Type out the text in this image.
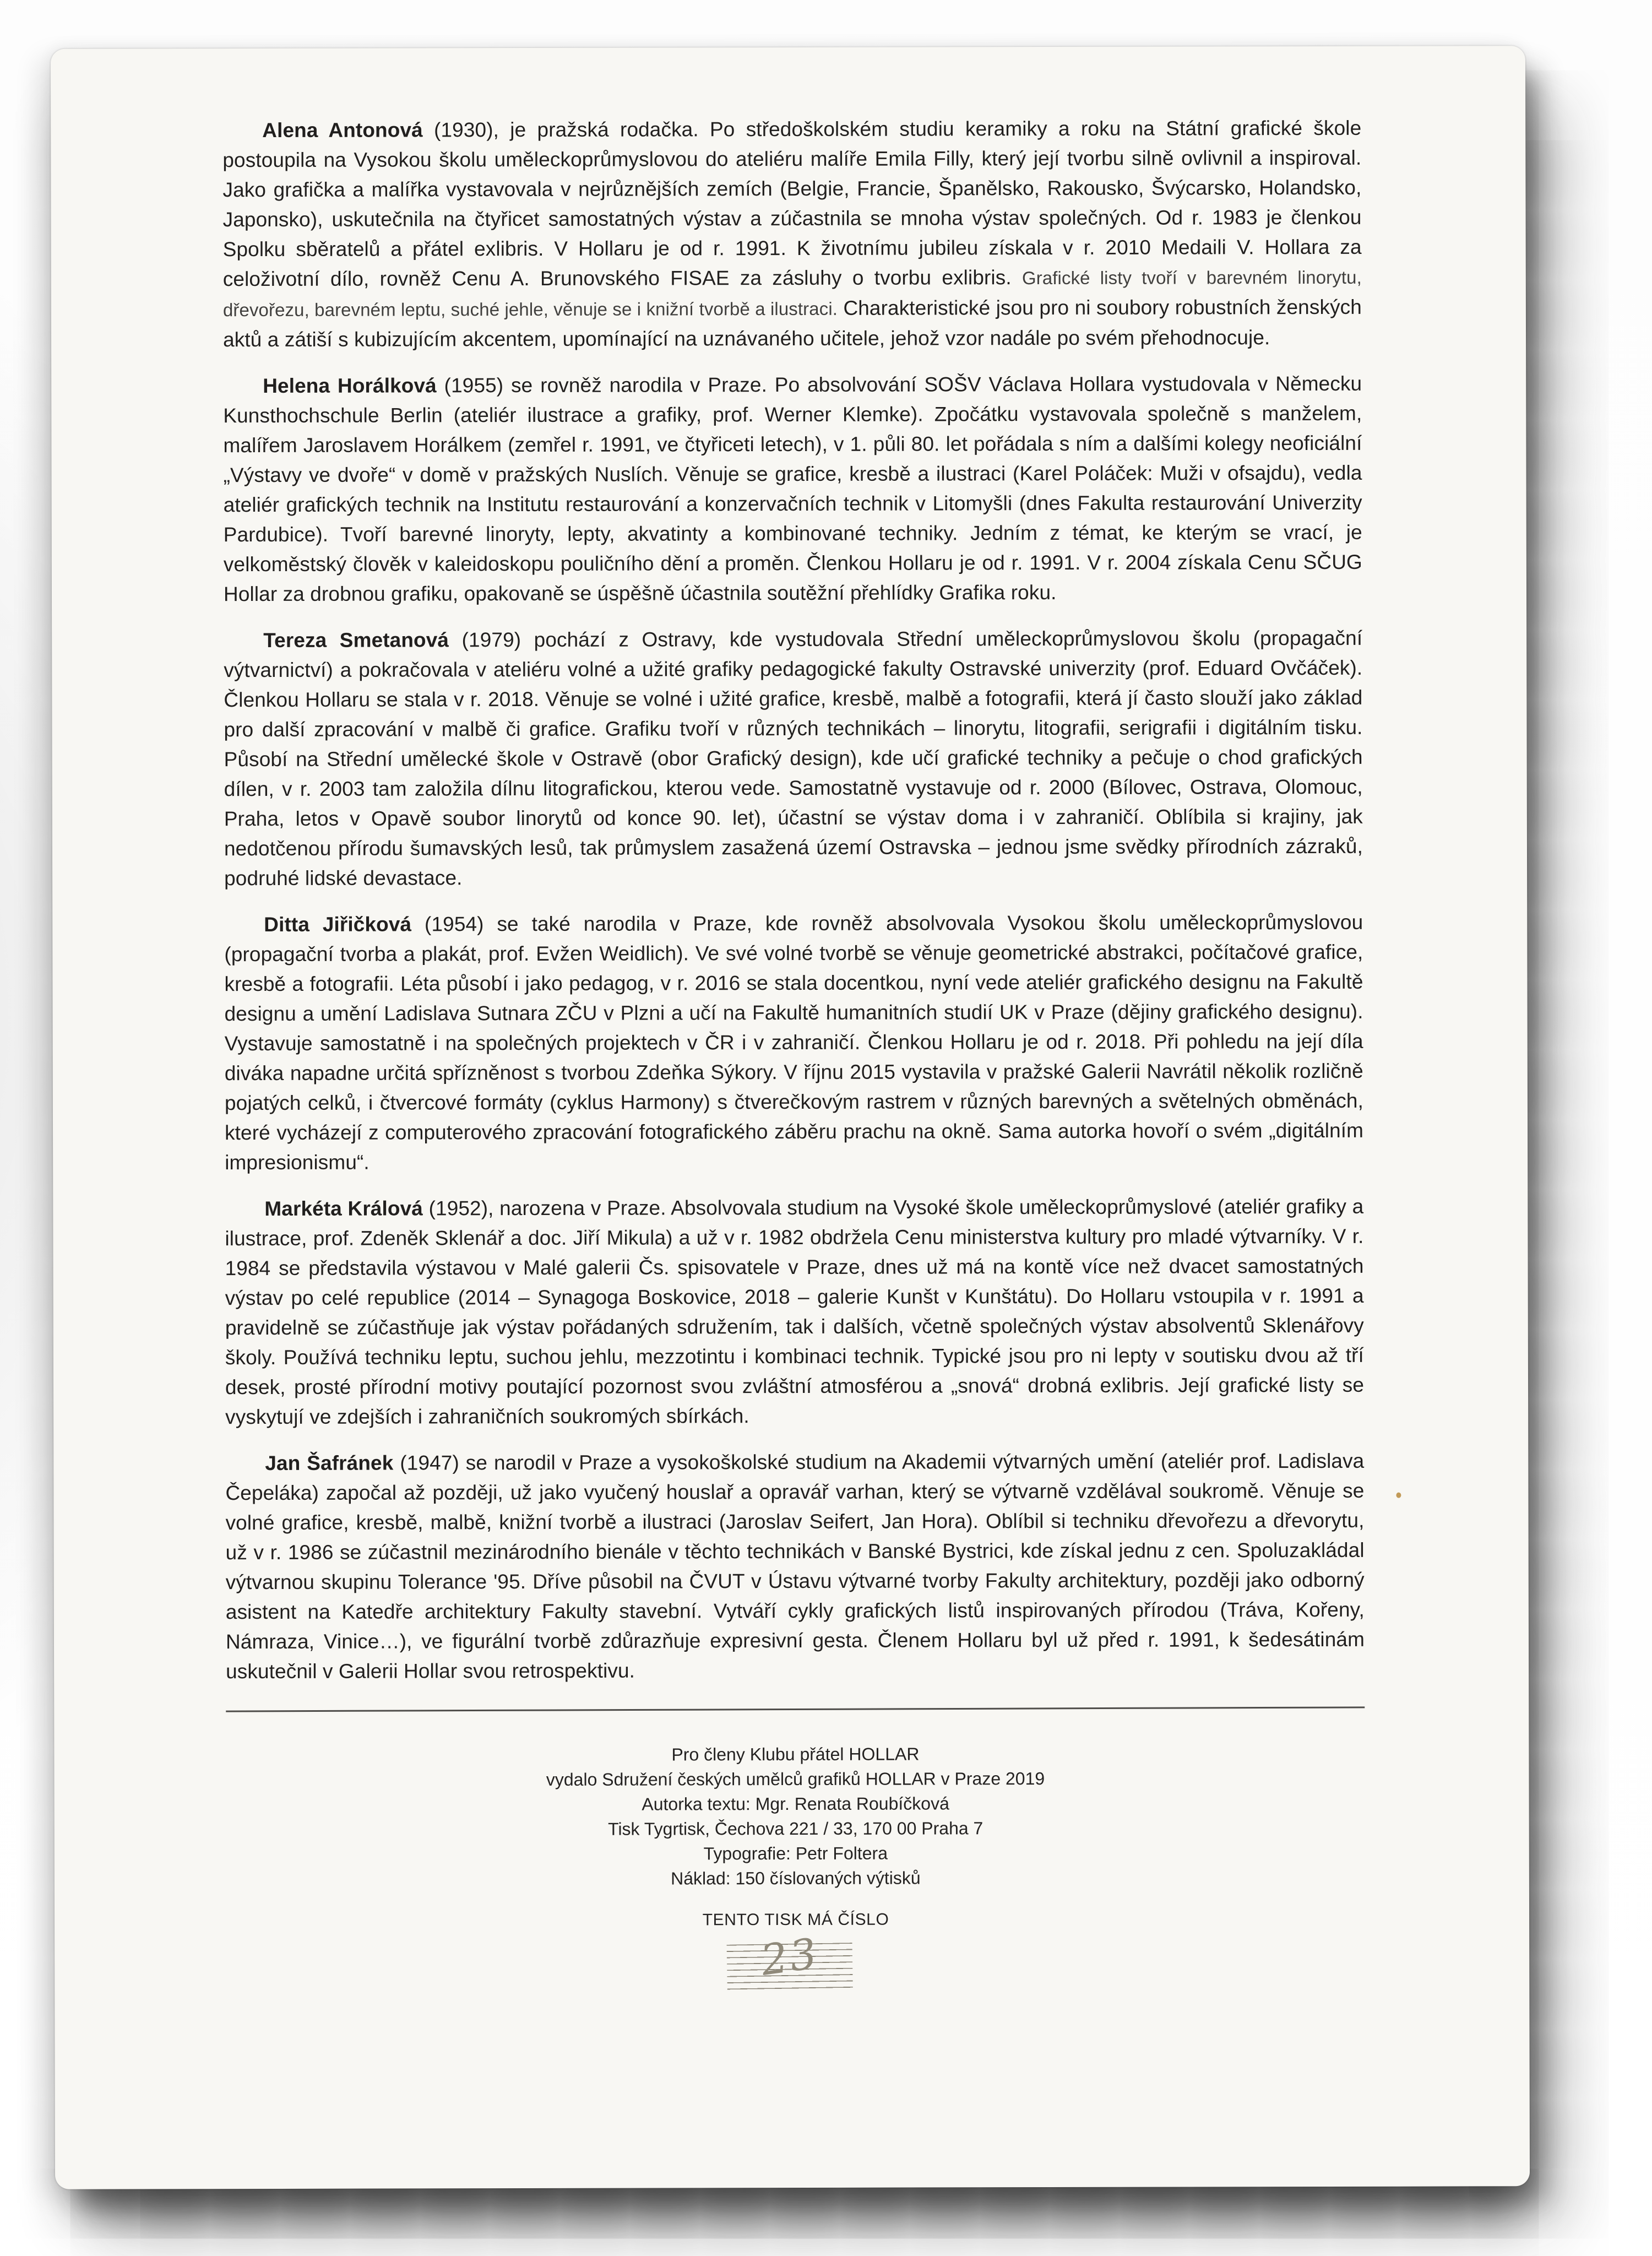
Alena Antonová (1930), je pražská rodačka. Po středoškolském studiu keramiky a roku na Státní grafické škole postoupila na Vysokou školu uměleckoprůmyslovou do ateliéru malíře Emila Filly, který její tvorbu silně ovlivnil a inspiroval. Jako grafička a malířka vystavovala v nejrůznějších zemích (Belgie, Francie, Španělsko, Rakousko, Švýcarsko, Holandsko, Japonsko), uskutečnila na čtyřicet samostatných výstav a zúčastnila se mnoha výstav společných. Od r. 1983 je členkou Spolku sběratelů a přátel exlibris. V Hollaru je od r. 1991. K životnímu jubileu získala v r. 2010 Medaili V. Hollara za celoživotní dílo, rovněž Cenu A. Brunovského FISAE za zásluhy o tvorbu exlibris. Grafické listy tvoří v barevném linorytu, dřevořezu, barevném leptu, suché jehle, věnuje se i knižní tvorbě a ilustraci. Charakteristické jsou pro ni soubory robustních ženských aktů a zátiší s kubizujícím akcentem, upomínající na uznávaného učitele, jehož vzor nadále po svém přehodnocuje.

Helena Horálková (1955) se rovněž narodila v Praze. Po absolvování SOŠV Václava Hollara vystudovala v Německu Kunsthochschule Berlin (ateliér ilustrace a grafiky, prof. Werner Klemke). Zpočátku vystavovala společně s manželem, malířem Jaroslavem Horálkem (zemřel r. 1991, ve čtyřiceti letech), v 1. půli 80. let pořádala s ním a dalšími kolegy neoficiální „Výstavy ve dvoře“ v domě v pražských Nuslích. Věnuje se grafice, kresbě a ilustraci (Karel Poláček: Muži v ofsajdu), vedla ateliér grafických technik na Institutu restaurování a konzervačních technik v Litomyšli (dnes Fakulta restaurování Univerzity Pardubice). Tvoří barevné linoryty, lepty, akvatinty a kombinované techniky. Jedním z témat, ke kterým se vrací, je velkoměstský člověk v kaleidoskopu pouličního dění a proměn. Členkou Hollaru je od r. 1991. V r. 2004 získala Cenu SČUG Hollar za drobnou grafiku, opakovaně se úspěšně účastnila soutěžní přehlídky Grafika roku.

Tereza Smetanová (1979) pochází z Ostravy, kde vystudovala Střední uměleckoprůmyslovou školu (propagační výtvarnictví) a pokračovala v ateliéru volné a užité grafiky pedagogické fakulty Ostravské univerzity (prof. Eduard Ovčáček). Členkou Hollaru se stala v r. 2018. Věnuje se volné i užité grafice, kresbě, malbě a fotografii, která jí často slouží jako základ pro další zpracování v malbě či grafice. Grafiku tvoří v různých technikách – linorytu, litografii, serigrafii i digitálním tisku. Působí na Střední umělecké škole v Ostravě (obor Grafický design), kde učí grafické techniky a pečuje o chod grafických dílen, v r. 2003 tam založila dílnu litografickou, kterou vede. Samostatně vystavuje od r. 2000 (Bílovec, Ostrava, Olomouc, Praha, letos v Opavě soubor linorytů od konce 90. let), účastní se výstav doma i v zahraničí. Oblíbila si krajiny, jak nedotčenou přírodu šumavských lesů, tak průmyslem zasažená území Ostravska – jednou jsme svědky přírodních zázraků, podruhé lidské devastace.

Ditta Jiřičková (1954) se také narodila v Praze, kde rovněž absolvovala Vysokou školu uměleckoprůmyslovou (propagační tvorba a plakát, prof. Evžen Weidlich). Ve své volné tvorbě se věnuje geometrické abstrakci, počítačové grafice, kresbě a fotografii. Léta působí i jako pedagog, v r. 2016 se stala docentkou, nyní vede ateliér grafického designu na Fakultě designu a umění Ladislava Sutnara ZČU v Plzni a učí na Fakultě humanitních studií UK v Praze (dějiny grafického designu). Vystavuje samostatně i na společných projektech v ČR i v zahraničí. Členkou Hollaru je od r. 2018. Při pohledu na její díla diváka napadne určitá spřízněnost s tvorbou Zdeňka Sýkory. V říjnu 2015 vystavila v pražské Galerii Navrátil několik rozličně pojatých celků, i čtvercové formáty (cyklus Harmony) s čtverečkovým rastrem v různých barevných a světelných obměnách, které vycházejí z computerového zpracování fotografického záběru prachu na okně. Sama autorka hovoří o svém „digitálním impresionismu“.

Markéta Králová (1952), narozena v Praze. Absolvovala studium na Vysoké škole uměleckoprůmyslové (ateliér grafiky a ilustrace, prof. Zdeněk Sklenář a doc. Jiří Mikula) a už v r. 1982 obdržela Cenu ministerstva kultury pro mladé výtvarníky. V r. 1984 se představila výstavou v Malé galerii Čs. spisovatele v Praze, dnes už má na kontě více než dvacet samostatných výstav po celé republice (2014 – Synagoga Boskovice, 2018 – galerie Kunšt v Kunštátu). Do Hollaru vstoupila v r. 1991 a pravidelně se zúčastňuje jak výstav pořádaných sdružením, tak i dalších, včetně společných výstav absolventů Sklenářovy školy. Používá techniku leptu, suchou jehlu, mezzotintu i kombinaci technik. Typické jsou pro ni lepty v soutisku dvou až tří desek, prosté přírodní motivy poutající pozornost svou zvláštní atmosférou a „snová“ drobná exlibris. Její grafické listy se vyskytují ve zdejších i zahraničních soukromých sbírkách.

Jan Šafránek (1947) se narodil v Praze a vysokoškolské studium na Akademii výtvarných umění (ateliér prof. Ladislava Čepeláka) započal až později, už jako vyučený houslař a opravář varhan, který se výtvarně vzdělával soukromě. Věnuje se volné grafice, kresbě, malbě, knižní tvorbě a ilustraci (Jaroslav Seifert, Jan Hora). Oblíbil si techniku dřevořezu a dřevorytu, už v r. 1986 se zúčastnil mezinárodního bienále v těchto technikách v Banské Bystrici, kde získal jednu z cen. Spoluzakládal výtvarnou skupinu Tolerance '95. Dříve působil na ČVUT v Ústavu výtvarné tvorby Fakulty architektury, později jako odborný asistent na Katedře architektury Fakulty stavební. Vytváří cykly grafických listů inspirovaných přírodou (Tráva, Kořeny, Námraza, Vinice…), ve figurální tvorbě zdůrazňuje expresivní gesta. Členem Hollaru byl už před r. 1991, k šedesátinám uskutečnil v Galerii Hollar svou retrospektivu.

Pro členy Klubu přátel HOLLAR
vydalo Sdružení českých umělců grafiků HOLLAR v Praze 2019
Autorka textu: Mgr. Renata Roubíčková
Tisk Tygrtisk, Čechova 221 / 33, 170 00 Praha 7
Typografie: Petr Foltera
Náklad: 150 číslovaných výtisků
TENTO TISK MÁ ČÍSLO
23
